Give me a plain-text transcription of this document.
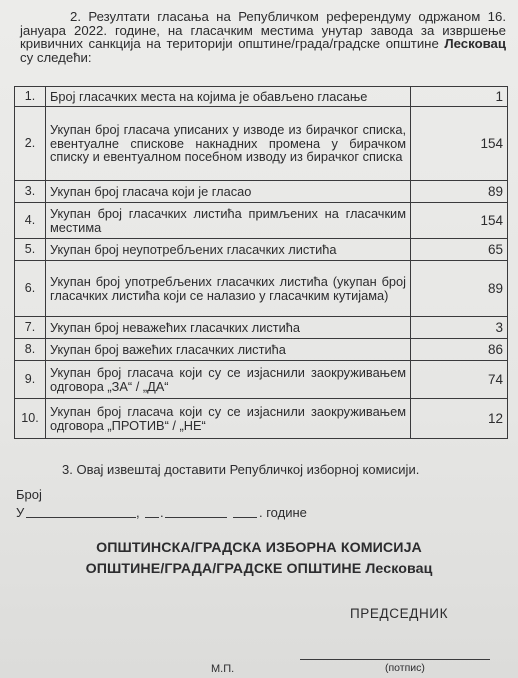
2. Резултати гласања на Републичком референдуму одржаном 16. јануара 2022. године, на гласачким местима унутар завода за извршење кривичних санкција на територији општине/града/градске општине Лесковац су следећи:
1.	Број гласачких места на којима је обављено гласање	1
2.	Укупан број гласача уписаних у изводе из бирачког списка, евентуалне списковe накнадних промена у бирачком списку и евентуалном посебном изводу из бирачког списка	154
3.	Укупан број гласача који је гласао	89
4.	Укупан број гласачких листића примљених на гласачким местима	154
5.	Укупан број неупотребљених гласачких листића	65
6.	Укупан број употребљених гласачких листића (укупан број гласачких листића који се налазио у гласачким кутијама)	89
7.	Укупан број неважећих гласачких листића	3
8.	Укупан број важећих гласачких листића	86
9.	Укупан број гласача који су се изјаснили заокруживањем одговора „ЗА“ / „ДА“	74
10.	Укупан број гласача који су се изјаснили заокруживањем одговора „ПРОТИВ“ / „НЕ“	12
3. Овај извештај доставити Републичкој изборној комисији.
Број
У	, .	. године
ОПШТИНСКА/ГРАДСКА ИЗБОРНА КОМИСИЈА
ОПШТИНЕ/ГРАДА/ГРАДСКЕ ОПШТИНЕ Лесковац
ПРЕДСЕДНИК
М.П.	(потпис)
